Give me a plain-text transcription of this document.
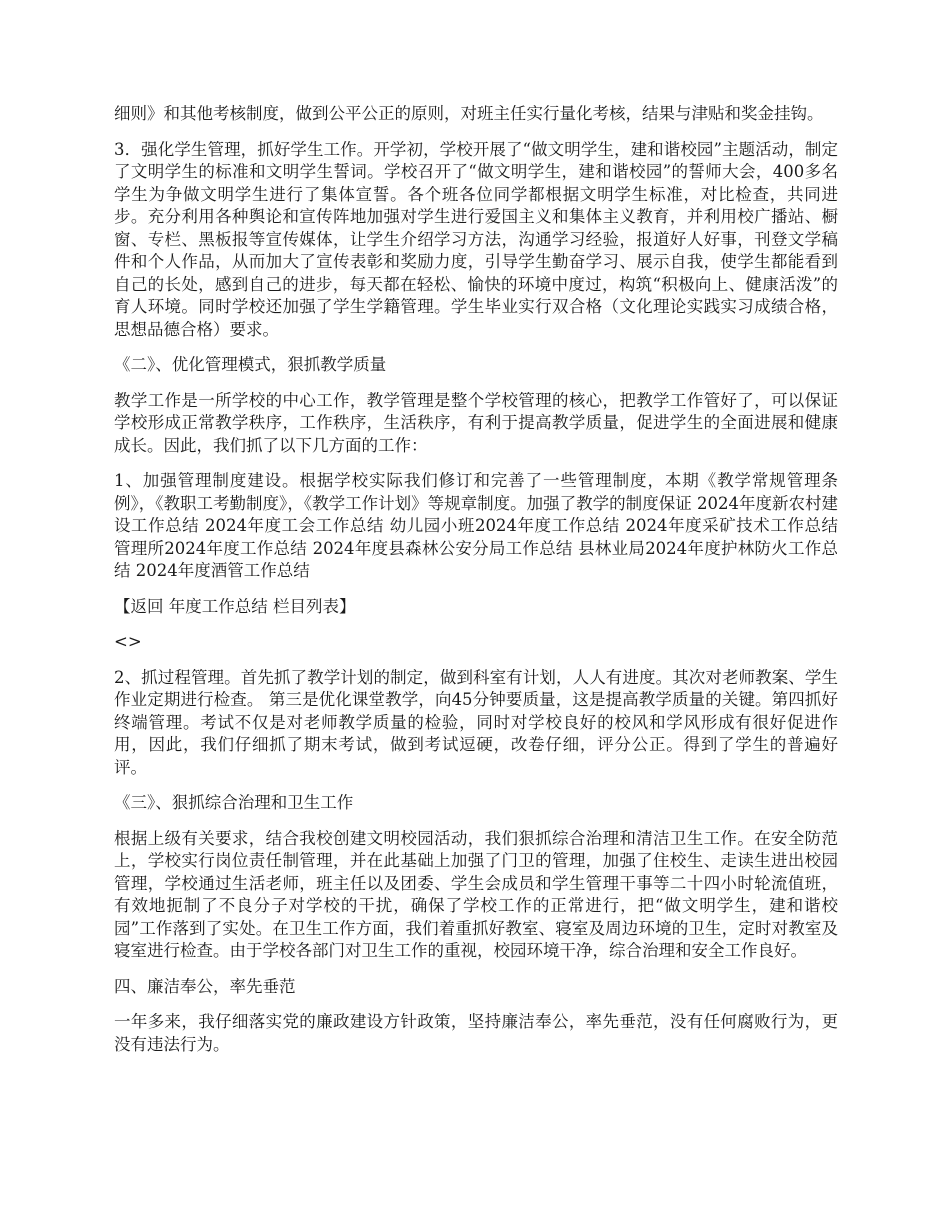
细则》和其他考核制度，做到公平公正的原则，对班主任实行量化考核，结果与津贴和奖金挂钩。

3．强化学生管理，抓好学生工作。开学初，学校开展了“做文明学生，建和谐校园”主题活动，制定了文明学生的标准和文明学生誓词。学校召开了“做文明学生，建和谐校园”的誓师大会，400多名学生为争做文明学生进行了集体宣誓。各个班各位同学都根据文明学生标准，对比检查，共同进步。充分利用各种舆论和宣传阵地加强对学生进行爱国主义和集体主义教育，并利用校广播站、橱窗、专栏、黑板报等宣传媒体，让学生介绍学习方法，沟通学习经验，报道好人好事，刊登文学稿件和个人作品，从而加大了宣传表彰和奖励力度，引导学生勤奋学习、展示自我，使学生都能看到自己的长处，感到自己的进步，每天都在轻松、愉快的环境中度过，构筑“积极向上、健康活泼”的育人环境。同时学校还加强了学生学籍管理。学生毕业实行双合格（文化理论实践实习成绩合格，思想品德合格）要求。

《二》、优化管理模式，狠抓教学质量

教学工作是一所学校的中心工作，教学管理是整个学校管理的核心，把教学工作管好了，可以保证学校形成正常教学秩序，工作秩序，生活秩序，有利于提高教学质量，促进学生的全面进展和健康成长。因此，我们抓了以下几方面的工作：

1、加强管理制度建设。根据学校实际我们修订和完善了一些管理制度，本期《教学常规管理条例》，《教职工考勤制度》，《教学工作计划》等规章制度。加强了教学的制度保证 2024年度新农村建设工作总结 2024年度工会工作总结 幼儿园小班2024年度工作总结 2024年度采矿技术工作总结 管理所2024年度工作总结 2024年度县森林公安分局工作总结 县林业局2024年度护林防火工作总结 2024年度酒管工作总结

【返回 年度工作总结 栏目列表】

<>

2、抓过程管理。首先抓了教学计划的制定，做到科室有计划，人人有进度。其次对老师教案、学生作业定期进行检查。 第三是优化课堂教学，向45分钟要质量，这是提高教学质量的关键。第四抓好终端管理。考试不仅是对老师教学质量的检验，同时对学校良好的校风和学风形成有很好促进作用，因此，我们仔细抓了期末考试，做到考试逗硬，改卷仔细，评分公正。得到了学生的普遍好评。

《三》、狠抓综合治理和卫生工作

根据上级有关要求，结合我校创建文明校园活动，我们狠抓综合治理和清洁卫生工作。在安全防范上，学校实行岗位责任制管理，并在此基础上加强了门卫的管理，加强了住校生、走读生进出校园管理，学校通过生活老师，班主任以及团委、学生会成员和学生管理干事等二十四小时轮流值班，有效地扼制了不良分子对学校的干扰，确保了学校工作的正常进行，把“做文明学生，建和谐校园”工作落到了实处。在卫生工作方面，我们着重抓好教室、寝室及周边环境的卫生，定时对教室及寝室进行检查。由于学校各部门对卫生工作的重视，校园环境干净，综合治理和安全工作良好。

四、廉洁奉公，率先垂范

一年多来，我仔细落实党的廉政建设方针政策，坚持廉洁奉公，率先垂范，没有任何腐败行为，更没有违法行为。
